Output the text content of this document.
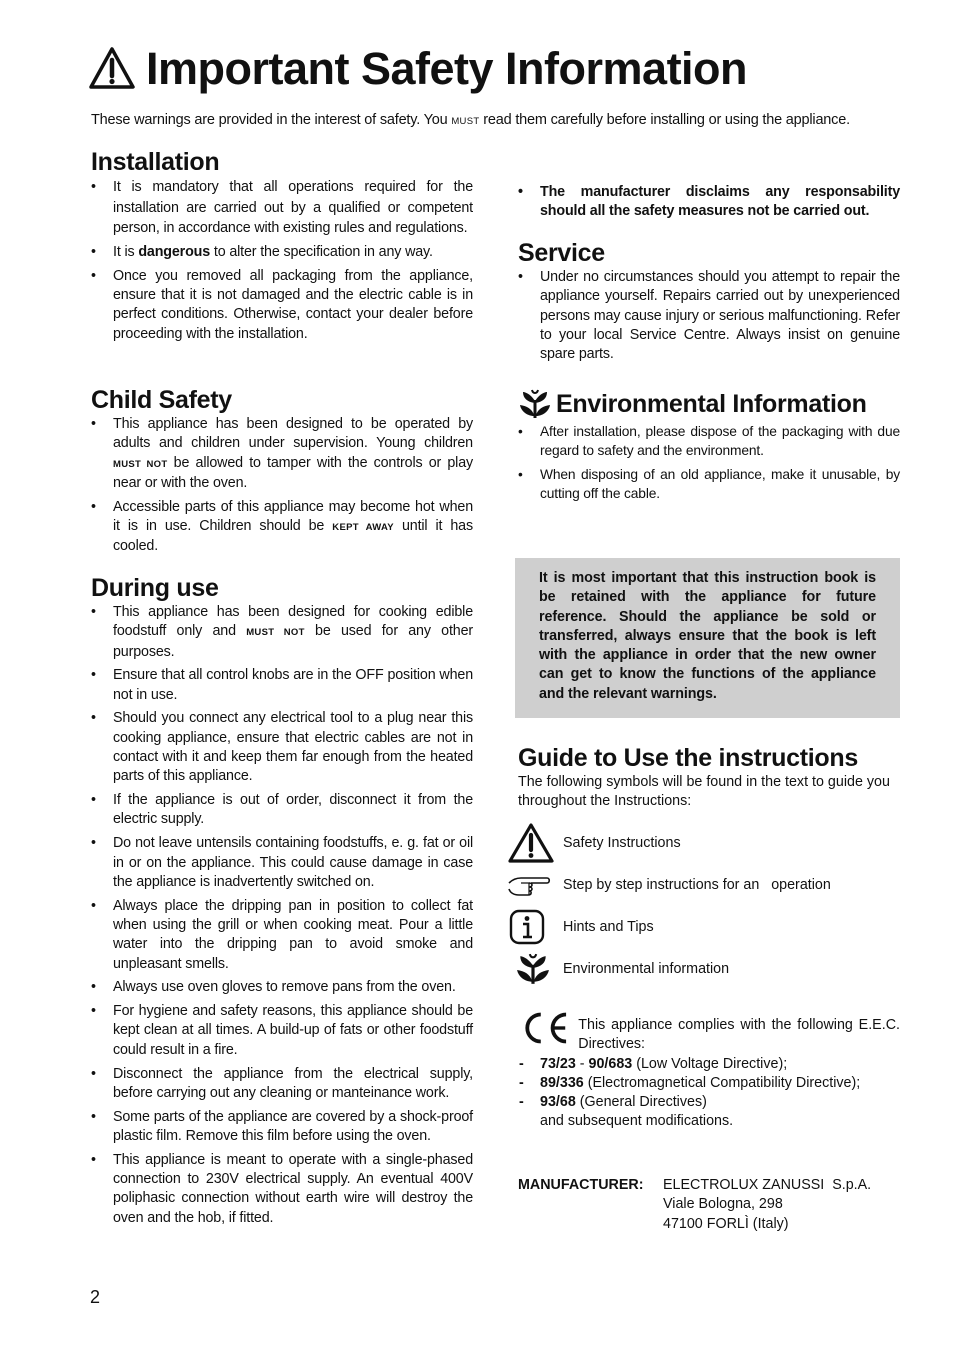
Important Safety Information
These warnings are provided in the interest of safety. You MUST read them carefully before installing or using the appliance.
Installation
• It is mandatory that all operations required for the installation are carried out by a qualified or competent person, in accordance with existing rules and regulations.
• It is dangerous to alter the specification in any way.
• Once you removed all packaging from the appliance, ensure that it is not damaged and the electric cable is in perfect conditions. Otherwise, contact your dealer before proceeding with the installation.
Child Safety
• This appliance has been designed to be operated by adults and children under supervision. Young children MUST NOT be allowed to tamper with the controls or play near or with the oven.
• Accessible parts of this appliance may become hot when it is in use. Children should be KEPT AWAY until it has cooled.
During use
• This appliance has been designed for cooking edible foodstuff only and MUST NOT be used for any other purposes.
• Ensure that all control knobs are in the OFF position when not in use.
• Should you connect any electrical tool to a plug near this cooking appliance, ensure that electric cables are not in contact with it and keep them far enough from the heated parts of this appliance.
• If the appliance is out of order, disconnect it from the electric supply.
• Do not leave untensils containing foodstuffs, e. g. fat or oil in or on the appliance. This could cause damage in case the appliance is inadvertently switched on.
• Always place the dripping pan in position to collect fat when using the grill or when cooking meat. Pour a little water into the dripping pan to avoid smoke and unpleasant smells.
• Always use oven gloves to remove pans from the oven.
• For hygiene and safety reasons, this appliance should be kept clean at all times. A build-up of fats or other foodstuff could result in a fire.
• Disconnect the appliance from the electrical supply, before carrying out any cleaning or manteinance work.
• Some parts of the appliance are covered by a shock-proof plastic film. Remove this film before using the oven.
• This appliance is meant to operate with a single-phased connection to 230V electrical supply. An eventual 400V poliphasic connection without earth wire will destroy the oven and the hob, if fitted.
• The manufacturer disclaims any responsability should all the safety measures not be carried out.
Service
• Under no circumstances should you attempt to repair the appliance yourself. Repairs carried out by unexperienced persons may cause injury or serious malfunctioning. Refer to your local Service Centre. Always insist on genuine spare parts.
Environmental Information
• After installation, please dispose of the packaging with due regard to safety and the environment.
• When disposing of an old appliance, make it unusable, by cutting off the cable.

It is most important that this instruction book is be retained with the appliance for future reference. Should the appliance be sold or transferred, always ensure that the book is left with the appliance in order that the new owner can get to know the functions of the appliance and the relevant warnings.

Guide to Use the instructions

The following symbols will be found in the text to guide you throughout the Instructions:

Safety Instructions
Step by step instructions for an   operation
Hints and Tips
Environmental information

This appliance complies with the following E.E.C. Directives:

- 73/23 - 90/683 (Low Voltage Directive);
- 89/336 (Electromagnetical Compatibility Directive);
- 93/68 (General Directives)
and subsequent modifications.
MANUFACTURER:	ELECTROLUX ZANUSSI  S.p.A.
Viale Bologna, 298
47100 FORLÌ (Italy)
2
